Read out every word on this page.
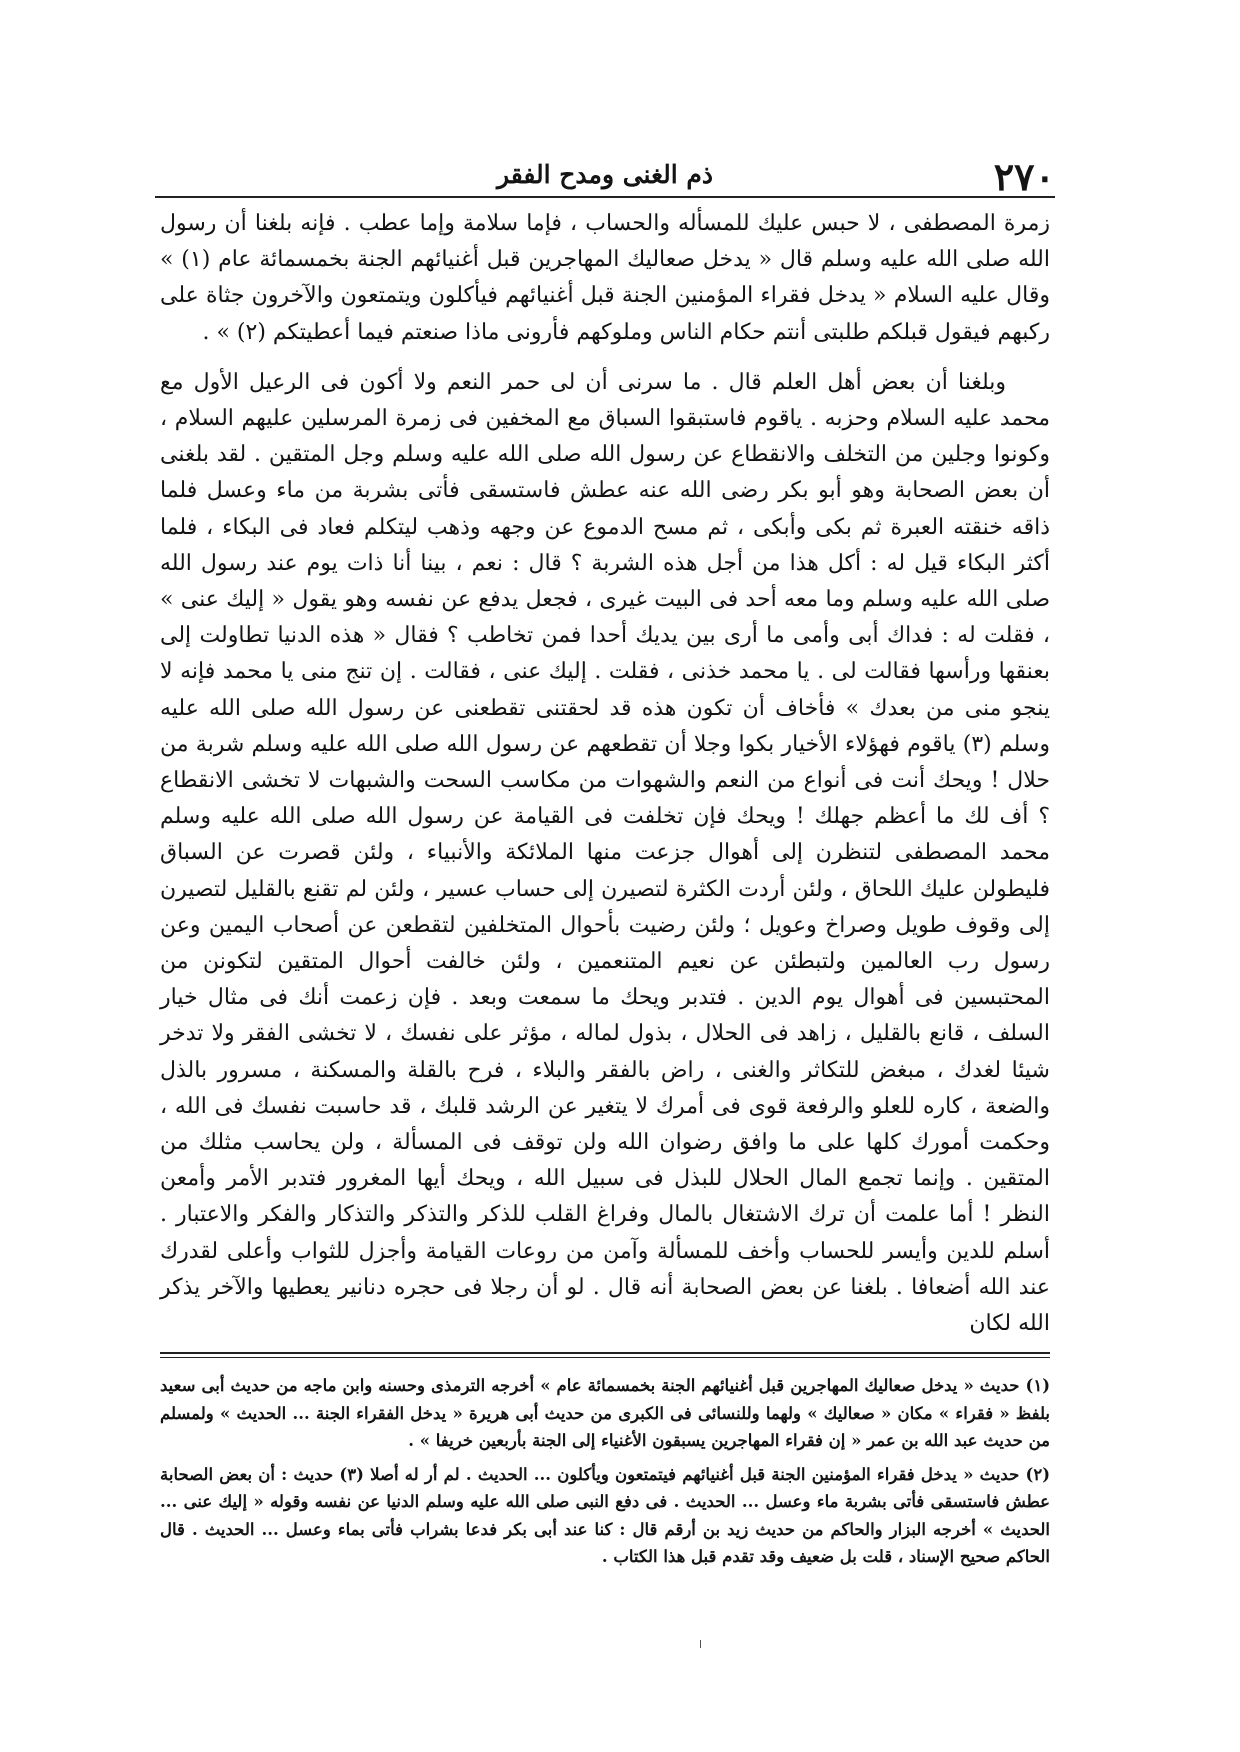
٢٧٠
ذم الغنى ومدح الفقر

زمرة المصطفى ، لا حبس عليك للمسأله والحساب ، فإما سلامة وإما عطب . فإنه بلغنا أن رسول الله صلى الله عليه وسلم قال « يدخل صعاليك المهاجرين قبل أغنيائهم الجنة بخمسمائة عام (١) » وقال عليه السلام « يدخل فقراء المؤمنين الجنة قبل أغنيائهم فيأكلون ويتمتعون والآخرون جثاة على ركبهم فيقول قبلكم طلبتى أنتم حكام الناس وملوكهم فأرونى ماذا صنعتم فيما أعطيتكم (٢) » .

وبلغنا أن بعض أهل العلم قال . ما سرنى أن لى حمر النعم ولا أكون فى الرعيل الأول مع محمد عليه السلام وحزبه . ياقوم فاستبقوا السباق مع المخفين فى زمرة المرسلين عليهم السلام ، وكونوا وجلين من التخلف والانقطاع عن رسول الله صلى الله عليه وسلم وجل المتقين . لقد بلغنى أن بعض الصحابة وهو أبو بكر رضى الله عنه عطش فاستسقى فأتى بشربة من ماء وعسل فلما ذاقه خنقته العبرة ثم بكى وأبكى ، ثم مسح الدموع عن وجهه وذهب ليتكلم فعاد فى البكاء ، فلما أكثر البكاء قيل له : أكل هذا من أجل هذه الشربة ؟ قال : نعم ، بينا أنا ذات يوم عند رسول الله صلى الله عليه وسلم وما معه أحد فى البيت غيرى ، فجعل يدفع عن نفسه وهو يقول « إليك عنى » ، فقلت له : فداك أبى وأمى ما أرى بين يديك أحدا فمن تخاطب ؟ فقال « هذه الدنيا تطاولت إلى بعنقها ورأسها فقالت لى . يا محمد خذنى ، فقلت . إليك عنى ، فقالت . إن تنج منى يا محمد فإنه لا ينجو منى من بعدك » فأخاف أن تكون هذه قد لحقتنى تقطعنى عن رسول الله صلى الله عليه وسلم (٣) ياقوم فهؤلاء الأخيار بكوا وجلا أن تقطعهم عن رسول الله صلى الله عليه وسلم شربة من حلال ! ويحك أنت فى أنواع من النعم والشهوات من مكاسب السحت والشبهات لا تخشى الانقطاع ؟ أف لك ما أعظم جهلك ! ويحك فإن تخلفت فى القيامة عن رسول الله صلى الله عليه وسلم محمد المصطفى لتنظرن إلى أهوال جزعت منها الملائكة والأنبياء ، ولئن قصرت عن السباق فليطولن عليك اللحاق ، ولئن أردت الكثرة لتصيرن إلى حساب عسير ، ولئن لم تقنع بالقليل لتصيرن إلى وقوف طويل وصراخ وعويل ؛ ولئن رضيت بأحوال المتخلفين لتقطعن عن أصحاب اليمين وعن رسول رب العالمين ولتبطئن عن نعيم المتنعمين ، ولئن خالفت أحوال المتقين لتكونن من المحتبسين فى أهوال يوم الدين . فتدبر ويحك ما سمعت وبعد . فإن زعمت أنك فى مثال خيار السلف ، قانع بالقليل ، زاهد فى الحلال ، بذول لماله ، مؤثر على نفسك ، لا تخشى الفقر ولا تدخر شيئا لغدك ، مبغض للتكاثر والغنى ، راض بالفقر والبلاء ، فرح بالقلة والمسكنة ، مسرور بالذل والضعة ، كاره للعلو والرفعة قوى فى أمرك لا يتغير عن الرشد قلبك ، قد حاسبت نفسك فى الله ، وحكمت أمورك كلها على ما وافق رضوان الله ولن توقف فى المسألة ، ولن يحاسب مثلك من المتقين . وإنما تجمع المال الحلال للبذل فى سبيل الله ، ويحك أيها المغرور فتدبر الأمر وأمعن النظر ! أما علمت أن ترك الاشتغال بالمال وفراغ القلب للذكر والتذكر والتذكار والفكر والاعتبار . أسلم للدين وأيسر للحساب وأخف للمسألة وآمن من روعات القيامة وأجزل للثواب وأعلى لقدرك عند الله أضعافا . بلغنا عن بعض الصحابة أنه قال . لو أن رجلا فى حجره دنانير يعطيها والآخر يذكر الله لكان

(١) حديث « يدخل صعاليك المهاجرين قبل أغنيائهم الجنة بخمسمائة عام » أخرجه الترمذى وحسنه وابن ماجه من حديث أبى سعيد بلفظ « فقراء » مكان « صعاليك » ولهما وللنسائى فى الكبرى من حديث أبى هريرة « يدخل الفقراء الجنة ... الحديث » ولمسلم من حديث عبد الله بن عمر « إن فقراء المهاجرين يسبقون الأغنياء إلى الجنة بأربعين خريفا » .

(٢) حديث « يدخل فقراء المؤمنين الجنة قبل أغنيائهم فيتمتعون ويأكلون ... الحديث . لم أر له أصلا (٣) حديث : أن بعض الصحابة عطش فاستسقى فأتى بشربة ماء وعسل ... الحديث . فى دفع النبى صلى الله عليه وسلم الدنيا عن نفسه وقوله « إليك عنى ... الحديث » أخرجه البزار والحاكم من حديث زيد بن أرقم قال : كنا عند أبى بكر فدعا بشراب فأتى بماء وعسل ... الحديث . قال الحاكم صحيح الإسناد ، قلت بل ضعيف وقد تقدم قبل هذا الكتاب .
